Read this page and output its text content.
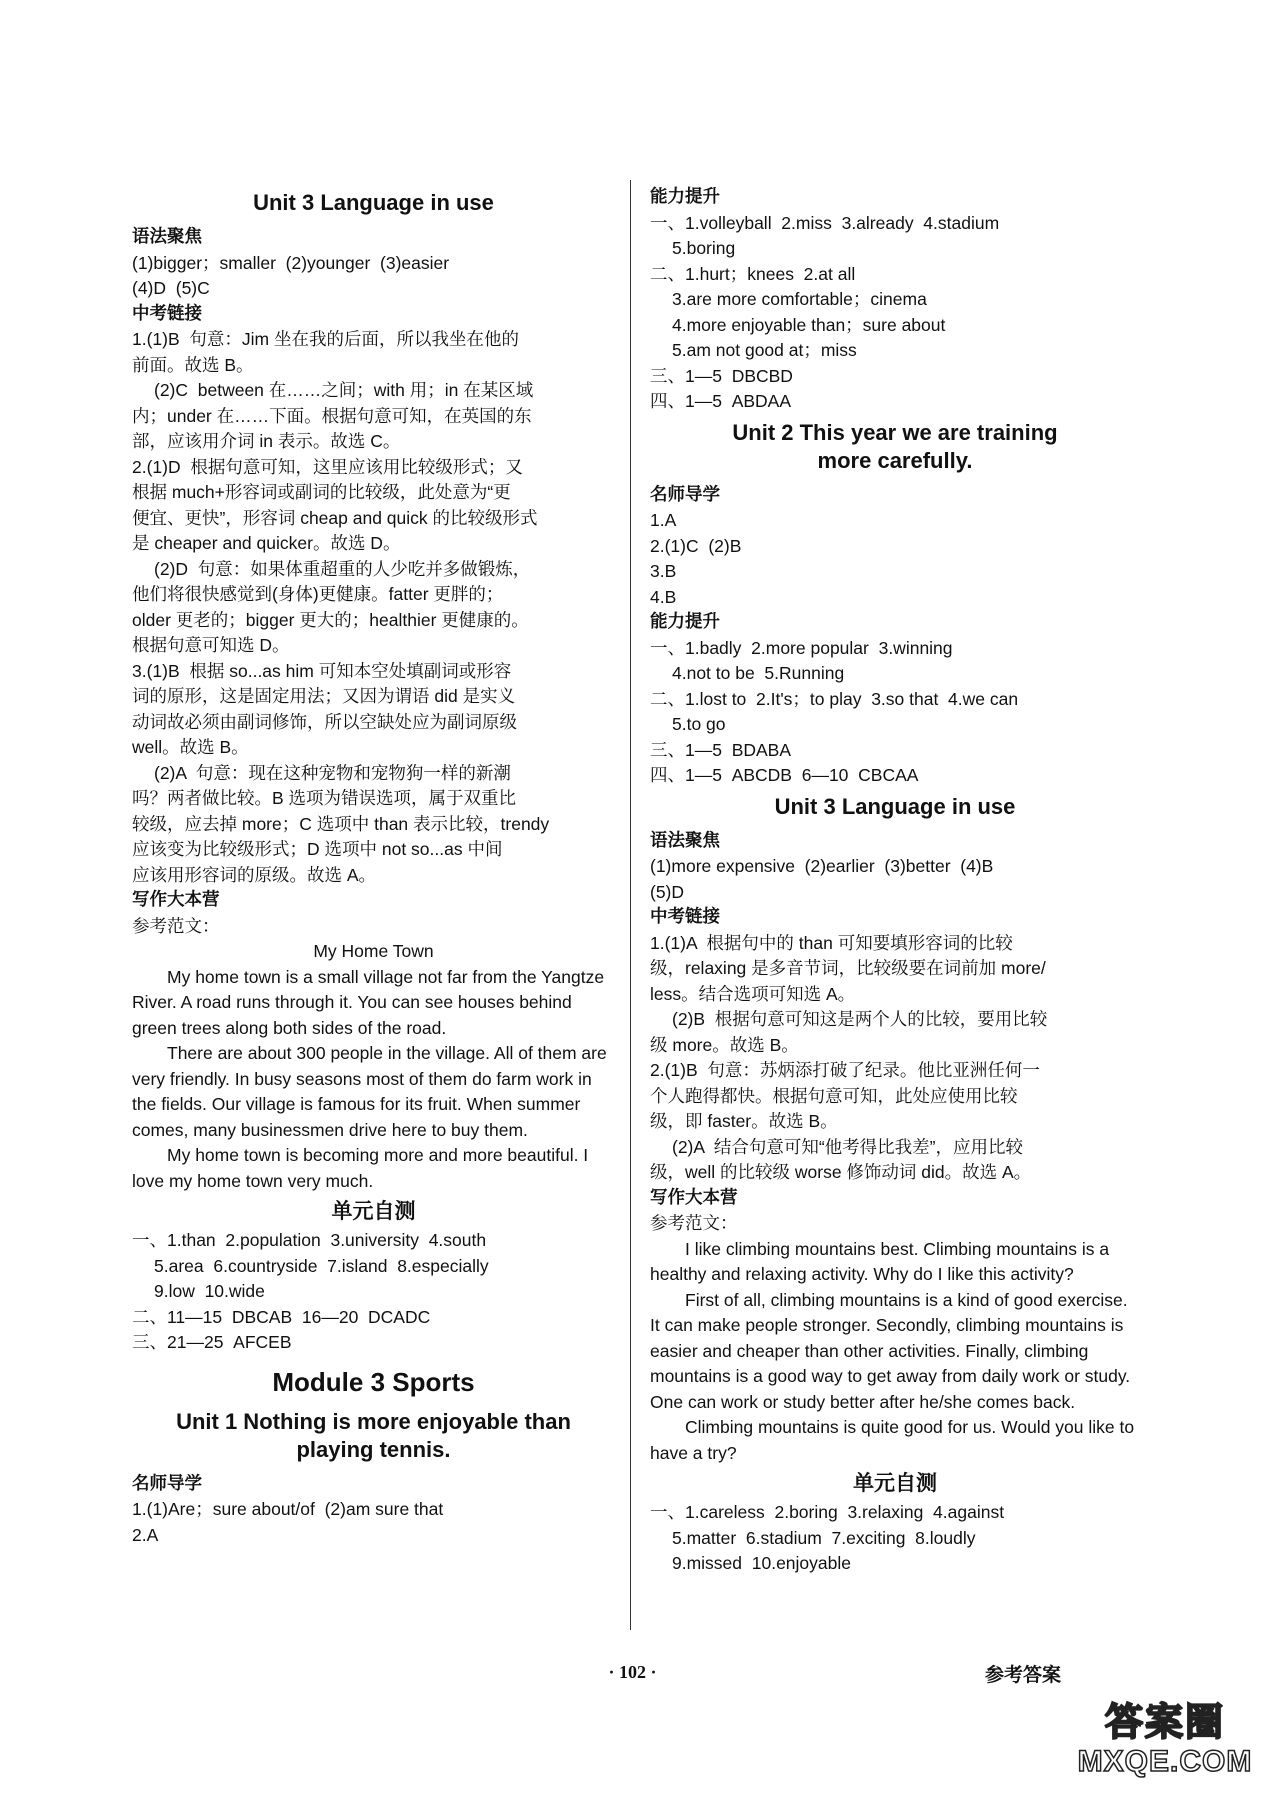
Unit 3 Language in use
语法聚焦
(1)bigger；smaller  (2)younger  (3)easier
(4)D  (5)C
中考链接
1.(1)B  句意：Jim 坐在我的后面，所以我坐在他的
前面。故选 B。
(2)C  between 在……之间；with 用；in 在某区域
内；under 在……下面。根据句意可知，在英国的东
部，应该用介词 in 表示。故选 C。
2.(1)D  根据句意可知，这里应该用比较级形式；又
根据 much+形容词或副词的比较级，此处意为“更
便宜、更快”，形容词 cheap and quick 的比较级形式
是 cheaper and quicker。故选 D。
(2)D  句意：如果体重超重的人少吃并多做锻炼，
他们将很快感觉到(身体)更健康。fatter 更胖的；
older 更老的；bigger 更大的；healthier 更健康的。
根据句意可知选 D。
3.(1)B  根据 so...as him 可知本空处填副词或形容
词的原形，这是固定用法；又因为谓语 did 是实义
动词故必须由副词修饰，所以空缺处应为副词原级
well。故选 B。
(2)A  句意：现在这种宠物和宠物狗一样的新潮
吗？两者做比较。B 选项为错误选项，属于双重比
较级，应去掉 more；C 选项中 than 表示比较，trendy
应该变为比较级形式；D 选项中 not so...as 中间
应该用形容词的原级。故选 A。
写作大本营
参考范文：
My Home Town
My home town is a small village not far from the Yangtze River. A road runs through it. You can see houses behind green trees along both sides of the road.
There are about 300 people in the village. All of them are very friendly. In busy seasons most of them do farm work in the fields. Our village is famous for its fruit. When summer comes, many businessmen drive here to buy them.
My home town is becoming more and more beautiful. I love my home town very much.
单元自测
一、1.than  2.population  3.university  4.south
5.area  6.countryside  7.island  8.especially
9.low  10.wide
二、11—15  DBCAB  16—20  DCADC
三、21—25  AFCEB
Module 3 Sports
Unit 1 Nothing is more enjoyable than
playing tennis.
名师导学
1.(1)Are；sure about/of  (2)am sure that
2.A
能力提升
一、1.volleyball  2.miss  3.already  4.stadium
5.boring
二、1.hurt；knees  2.at all
3.are more comfortable；cinema
4.more enjoyable than；sure about
5.am not good at；miss
三、1—5  DBCBD
四、1—5  ABDAA
Unit 2 This year we are training
more carefully.
名师导学
1.A
2.(1)C  (2)B
3.B
4.B
能力提升
一、1.badly  2.more popular  3.winning
4.not to be  5.Running
二、1.lost to  2.It's；to play  3.so that  4.we can
5.to go
三、1—5  BDABA
四、1—5  ABCDB  6—10  CBCAA
Unit 3 Language in use
语法聚焦
(1)more expensive  (2)earlier  (3)better  (4)B
(5)D
中考链接
1.(1)A  根据句中的 than 可知要填形容词的比较
级，relaxing 是多音节词，比较级要在词前加 more/
less。结合选项可知选 A。
(2)B  根据句意可知这是两个人的比较，要用比较
级 more。故选 B。
2.(1)B  句意：苏炳添打破了纪录。他比亚洲任何一
个人跑得都快。根据句意可知，此处应使用比较
级，即 faster。故选 B。
(2)A  结合句意可知“他考得比我差”，应用比较
级，well 的比较级 worse 修饰动词 did。故选 A。
写作大本营
参考范文：
I like climbing mountains best. Climbing mountains is a healthy and relaxing activity. Why do I like this activity?
First of all, climbing mountains is a kind of good exercise. It can make people stronger. Secondly, climbing mountains is easier and cheaper than other activities. Finally, climbing mountains is a good way to get away from daily work or study. One can work or study better after he/she comes back.
Climbing mountains is quite good for us. Would you like to have a try?
单元自测
一、1.careless  2.boring  3.relaxing  4.against
5.matter  6.stadium  7.exciting  8.loudly
9.missed  10.enjoyable
· 102 ·	参考答案
答案圈
MXQE.COM
